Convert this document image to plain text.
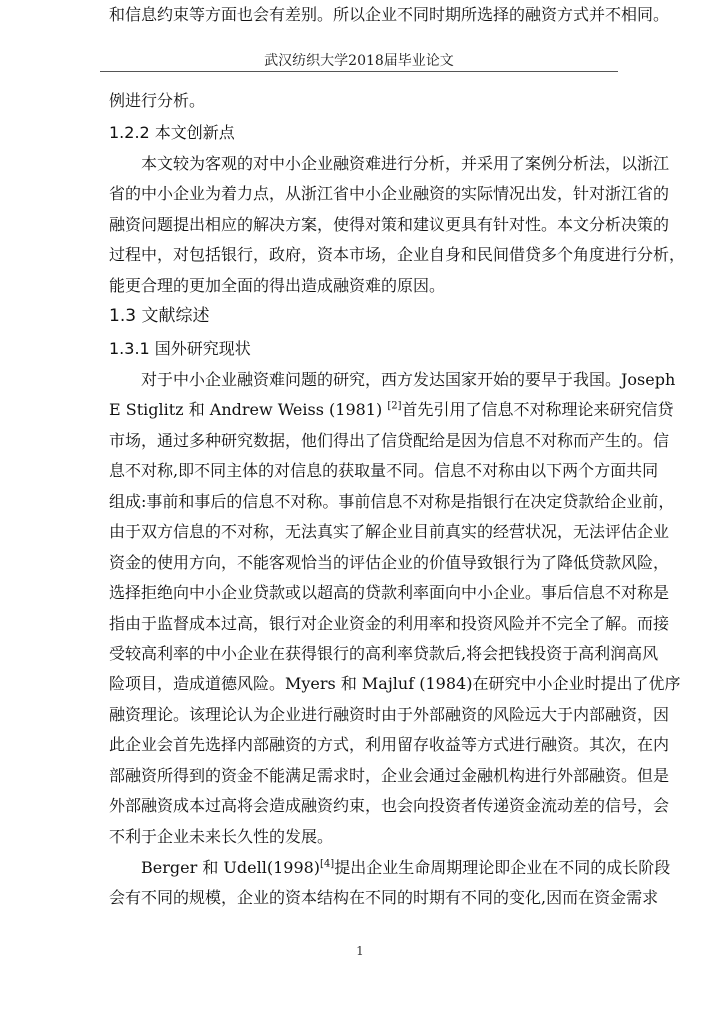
武汉纺织大学2018届毕业论文
例进行分析。
1.2.2 本文创新点
本文较为客观的对中小企业融资难进行分析，并采用了案例分析法，以浙江
省的中小企业为着力点，从浙江省中小企业融资的实际情况出发，针对浙江省的
融资问题提出相应的解决方案，使得对策和建议更具有针对性。本文分析决策的
过程中，对包括银行，政府，资本市场，企业自身和民间借贷多个角度进行分析，
能更合理的更加全面的得出造成融资难的原因。
1.3 文献综述
1.3.1 国外研究现状
对于中小企业融资难问题的研究，西方发达国家开始的要早于我国。Joseph
E Stiglitz 和 Andrew Weiss (1981) [2]首先引用了信息不对称理论来研究信贷
市场，通过多种研究数据，他们得出了信贷配给是因为信息不对称而产生的。信
息不对称,即不同主体的对信息的获取量不同。信息不对称由以下两个方面共同
组成:事前和事后的信息不对称。事前信息不对称是指银行在决定贷款给企业前，
由于双方信息的不对称，无法真实了解企业目前真实的经营状况，无法评估企业
资金的使用方向，不能客观恰当的评估企业的价值导致银行为了降低贷款风险，
选择拒绝向中小企业贷款或以超高的贷款利率面向中小企业。事后信息不对称是
指由于监督成本过高，银行对企业资金的利用率和投资风险并不完全了解。而接
受较高利率的中小企业在获得银行的高利率贷款后,将会把钱投资于高利润高风
险项目，造成道德风险。Myers 和 Majluf (1984)在研究中小企业时提出了优序
融资理论。该理论认为企业进行融资时由于外部融资的风险远大于内部融资，因
此企业会首先选择内部融资的方式，利用留存收益等方式进行融资。其次，在内
部融资所得到的资金不能满足需求时，企业会通过金融机构进行外部融资。但是
外部融资成本过高将会造成融资约束，也会向投资者传递资金流动差的信号，会
不利于企业未来长久性的发展。
Berger 和 Udell(1998)[4]提出企业生命周期理论即企业在不同的成长阶段
会有不同的规模，企业的资本结构在不同的时期有不同的变化,因而在资金需求
和信息约束等方面也会有差别。所以企业不同时期所选择的融资方式并不相同。
1
